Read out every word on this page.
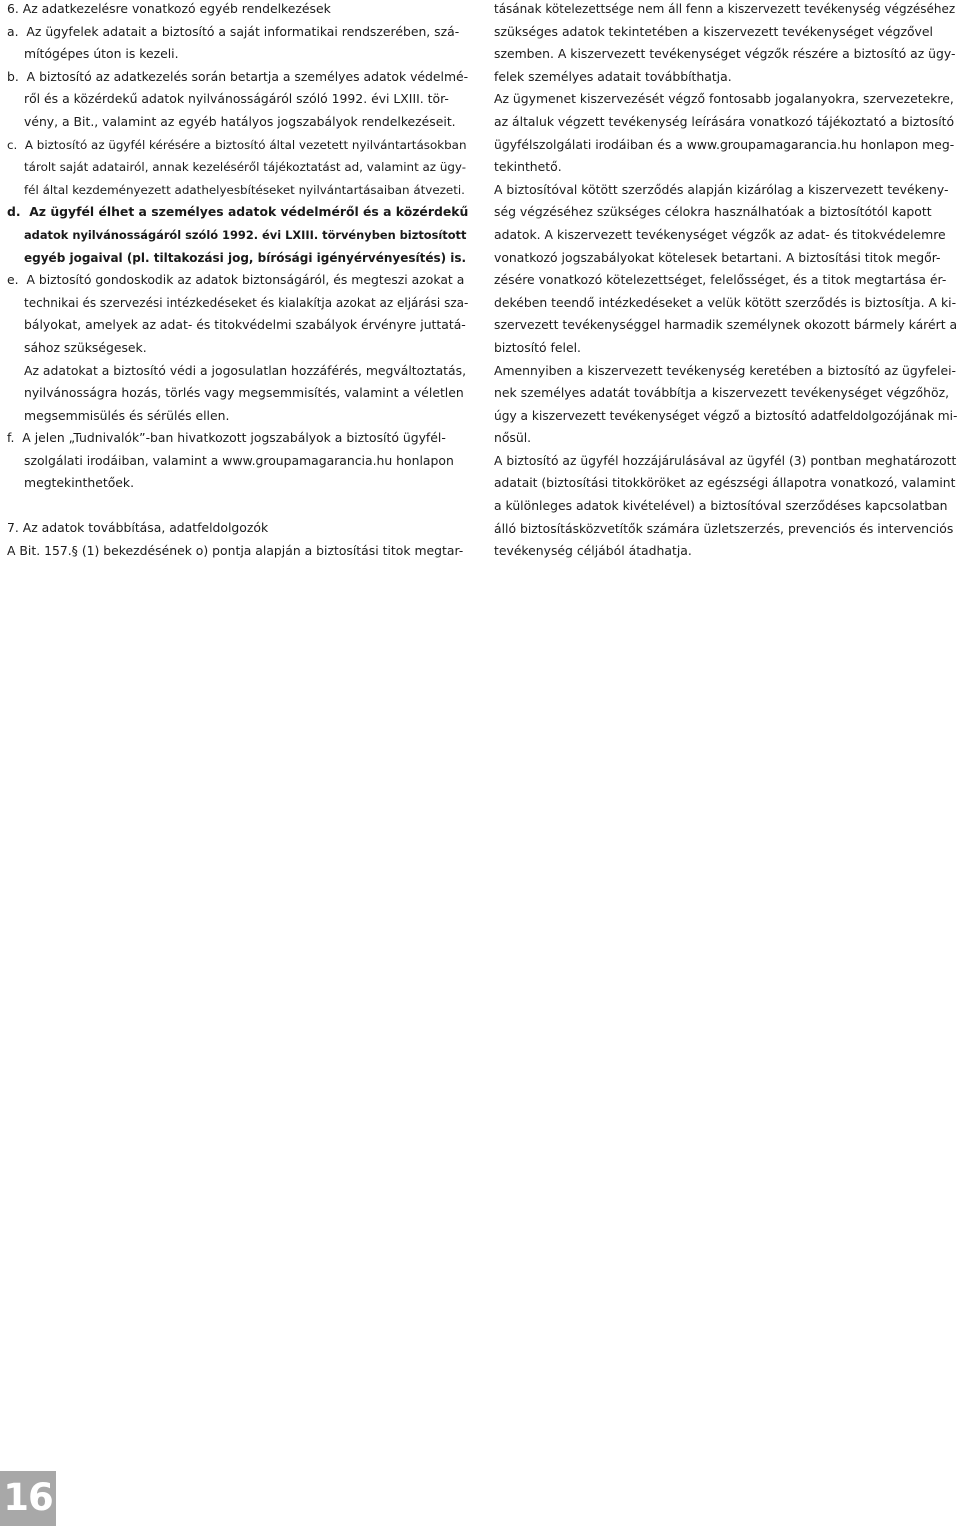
6. Az adatkezelésre vonatkozó egyéb rendelkezések
a.  Az ügyfelek adatait a biztosító a saját informatikai rendszerében, szá-
mítógépes úton is kezeli.
b.  A biztosító az adatkezelés során betartja a személyes adatok védelmé-
ről és a közérdekű adatok nyilvánosságáról szóló 1992. évi LXIII. tör-
vény, a Bit., valamint az egyéb hatályos jogszabályok rendelkezéseit.
c.  A biztosító az ügyfél kérésére a biztosító által vezetett nyilvántartásokban
tárolt saját adatairól, annak kezeléséről tájékoztatást ad, valamint az ügy-
fél által kezdeményezett adathelyesbítéseket nyilvántartásaiban átvezeti.
d.  Az ügyfél élhet a személyes adatok védelméről és a közérdekű
adatok nyilvánosságáról szóló 1992. évi LXIII. törvényben biztosított
egyéb jogaival (pl. tiltakozási jog, bírósági igényérvényesítés) is.
e.  A biztosító gondoskodik az adatok biztonságáról, és megteszi azokat a
technikai és szervezési intézkedéseket és kialakítja azokat az eljárási sza-
bályokat, amelyek az adat- és titokvédelmi szabályok érvényre juttatá-
sához szükségesek.
Az adatokat a biztosító védi a jogosulatlan hozzáférés, megváltoztatás,
nyilvánosságra hozás, törlés vagy megsemmisítés, valamint a véletlen
megsemmisülés és sérülés ellen.
f.  A jelen „Tudnivalók”-ban hivatkozott jogszabályok a biztosító ügyfél-
szolgálati irodáiban, valamint a www.groupamagarancia.hu honlapon
megtekinthetőek.
7. Az adatok továbbítása, adatfeldolgozók
A Bit. 157.§ (1) bekezdésének o) pontja alapján a biztosítási titok megtar-
tásának kötelezettsége nem áll fenn a kiszervezett tevékenység végzéséhez
szükséges adatok tekintetében a kiszervezett tevékenységet végzővel
szemben. A kiszervezett tevékenységet végzők részére a biztosító az ügy-
felek személyes adatait továbbíthatja.
Az ügymenet kiszervezését végző fontosabb jogalanyokra, szervezetekre,
az általuk végzett tevékenység leírására vonatkozó tájékoztató a biztosító
ügyfélszolgálati irodáiban és a www.groupamagarancia.hu honlapon meg-
tekinthető.
A biztosítóval kötött szerződés alapján kizárólag a kiszervezett tevékeny-
ség végzéséhez szükséges célokra használhatóak a biztosítótól kapott
adatok. A kiszervezett tevékenységet végzők az adat- és titokvédelemre
vonatkozó jogszabályokat kötelesek betartani. A biztosítási titok megőr-
zésére vonatkozó kötelezettséget, felelősséget, és a titok megtartása ér-
dekében teendő intézkedéseket a velük kötött szerződés is biztosítja. A ki-
szervezett tevékenységgel harmadik személynek okozott bármely kárért a
biztosító felel.
Amennyiben a kiszervezett tevékenység keretében a biztosító az ügyfelei-
nek személyes adatát továbbítja a kiszervezett tevékenységet végzőhöz,
úgy a kiszervezett tevékenységet végző a biztosító adatfeldolgozójának mi-
nősül.
A biztosító az ügyfél hozzájárulásával az ügyfél (3) pontban meghatározott
adatait (biztosítási titokköröket az egészségi állapotra vonatkozó, valamint
a különleges adatok kivételével) a biztosítóval szerződéses kapcsolatban
álló biztosításközvetítők számára üzletszerzés, prevenciós és intervenciós
tevékenység céljából átadhatja.
16
